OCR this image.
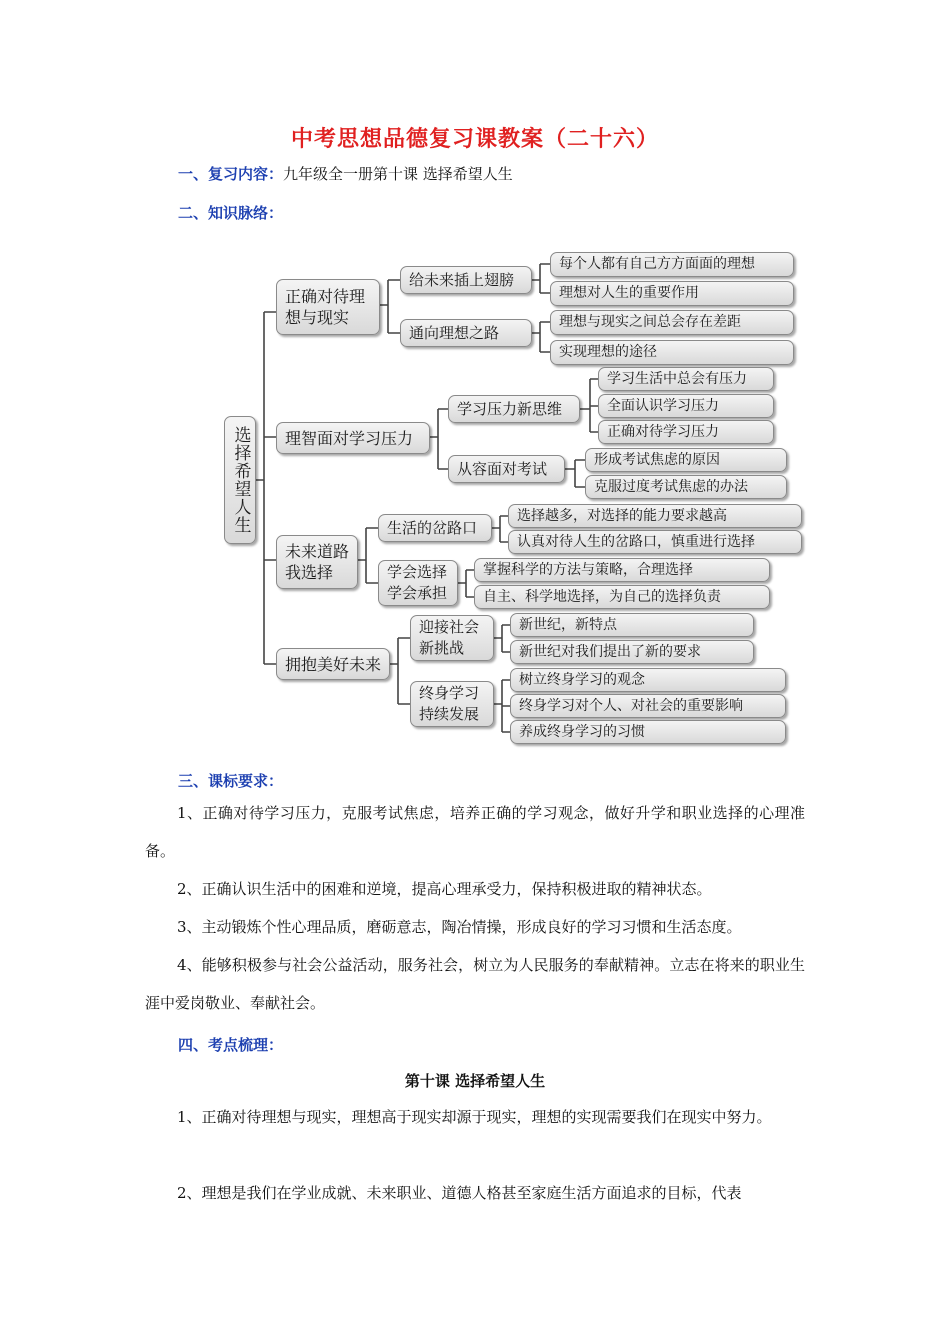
中考思想品德复习课教案（二十六）
一、复习内容：九年级全一册第十课 选择希望人生
二、知识脉络：
选择希望人生
正确对待理想与现实
理智面对学习压力
未来道路我选择
拥抱美好未来
给未来插上翅膀
通向理想之路
学习压力新思维
从容面对考试
生活的岔路口
学会选择学会承担
迎接社会新挑战
终身学习持续发展
每个人都有自己方方面面的理想
理想对人生的重要作用
理想与现实之间总会存在差距
实现理想的途径
学习生活中总会有压力
全面认识学习压力
正确对待学习压力
形成考试焦虑的原因
克服过度考试焦虑的办法
选择越多，对选择的能力要求越高
认真对待人生的岔路口，慎重进行选择
掌握科学的方法与策略，合理选择
自主、科学地选择，为自己的选择负责
新世纪，新特点
新世纪对我们提出了新的要求
树立终身学习的观念
终身学习对个人、对社会的重要影响
养成终身学习的习惯
三、课标要求：
1、正确对待学习压力，克服考试焦虑，培养正确的学习观念，做好升学和职业选择的心理准备。
2、正确认识生活中的困难和逆境，提高心理承受力，保持积极进取的精神状态。
3、主动锻炼个性心理品质，磨砺意志，陶冶情操，形成良好的学习习惯和生活态度。
4、能够积极参与社会公益活动，服务社会，树立为人民服务的奉献精神。立志在将来的职业生涯中爱岗敬业、奉献社会。
四、考点梳理：
第十课 选择希望人生
1、正确对待理想与现实，理想高于现实却源于现实，理想的实现需要我们在现实中努力。
2、理想是我们在学业成就、未来职业、道德人格甚至家庭生活方面追求的目标，代表
